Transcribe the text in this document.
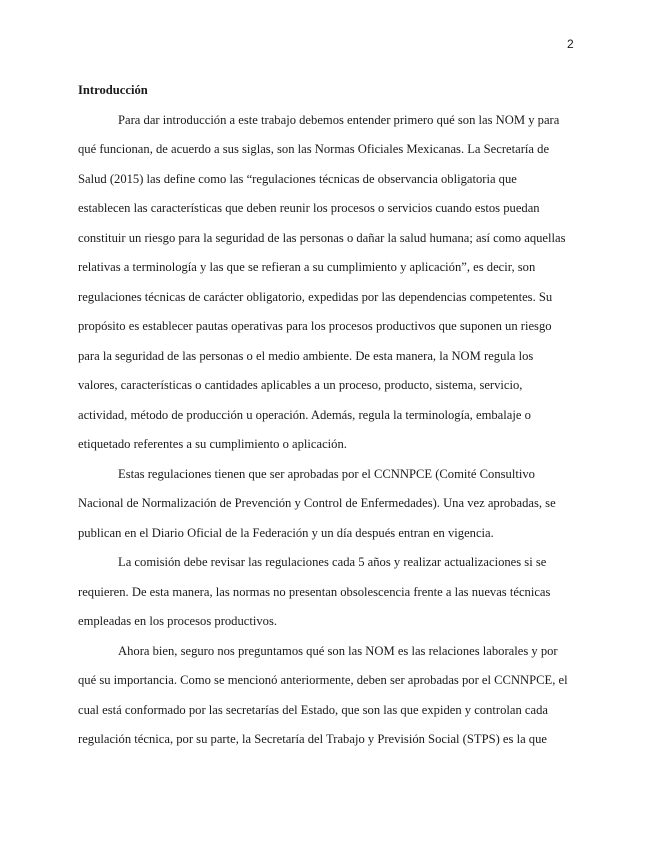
2

Introducción

Para dar introducción a este trabajo debemos entender primero qué son las NOM y para
qué funcionan, de acuerdo a sus siglas, son las Normas Oficiales Mexicanas. La Secretaría de
Salud (2015) las define como las “regulaciones técnicas de observancia obligatoria que
establecen las características que deben reunir los procesos o servicios cuando estos puedan
constituir un riesgo para la seguridad de las personas o dañar la salud humana; así como aquellas
relativas a terminología y las que se refieran a su cumplimiento y aplicación”, es decir, son
regulaciones técnicas de carácter obligatorio, expedidas por las dependencias competentes. Su
propósito es establecer pautas operativas para los procesos productivos que suponen un riesgo
para la seguridad de las personas o el medio ambiente. De esta manera, la NOM regula los
valores, características o cantidades aplicables a un proceso, producto, sistema, servicio,
actividad, método de producción u operación. Además, regula la terminología, embalaje o
etiquetado referentes a su cumplimiento o aplicación.

Estas regulaciones tienen que ser aprobadas por el CCNNPCE (Comité Consultivo
Nacional de Normalización de Prevención y Control de Enfermedades). Una vez aprobadas, se
publican en el Diario Oficial de la Federación y un día después entran en vigencia.

La comisión debe revisar las regulaciones cada 5 años y realizar actualizaciones si se
requieren. De esta manera, las normas no presentan obsolescencia frente a las nuevas técnicas
empleadas en los procesos productivos.

Ahora bien, seguro nos preguntamos qué son las NOM es las relaciones laborales y por
qué su importancia. Como se mencionó anteriormente, deben ser aprobadas por el CCNNPCE, el
cual está conformado por las secretarías del Estado, que son las que expiden y controlan cada
regulación técnica, por su parte, la Secretaría del Trabajo y Previsión Social (STPS) es la que
